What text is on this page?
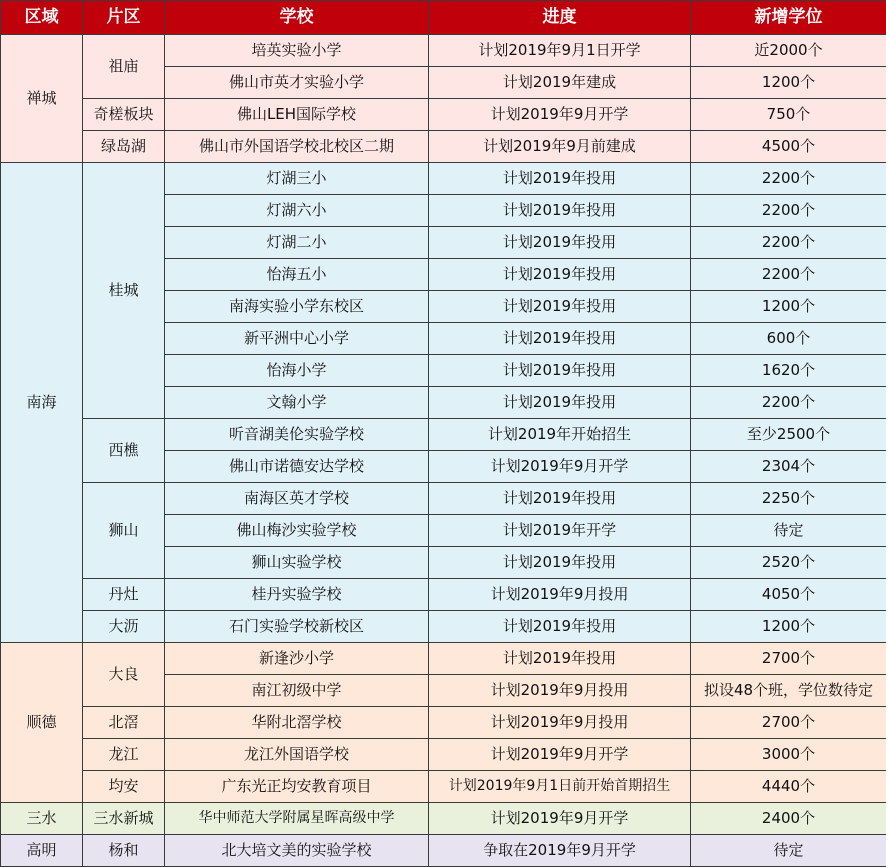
区域	片区	学校	进度	新增学位
禅城	祖庙	培英实验小学	计划2019年9月1日开学	近2000个
		佛山市英才实验小学	计划2019年建成	1200个
	奇槎板块	佛山LEH国际学校	计划2019年9月开学	750个
	绿岛湖	佛山市外国语学校北校区二期	计划2019年9月前建成	4500个
南海	桂城	灯湖三小	计划2019年投用	2200个
		灯湖六小	计划2019年投用	2200个
		灯湖二小	计划2019年投用	2200个
		怡海五小	计划2019年投用	2200个
		南海实验小学东校区	计划2019年投用	1200个
		新平洲中心小学	计划2019年投用	600个
		怡海小学	计划2019年投用	1620个
		文翰小学	计划2019年投用	2200个
	西樵	听音湖美伦实验学校	计划2019年开始招生	至少2500个
		佛山市诺德安达学校	计划2019年9月开学	2304个
	狮山	南海区英才学校	计划2019年投用	2250个
		佛山梅沙实验学校	计划2019年开学	待定
		狮山实验学校	计划2019年投用	2520个
	丹灶	桂丹实验学校	计划2019年9月投用	4050个
	大沥	石门实验学校新校区	计划2019年投用	1200个
顺德	大良	新逢沙小学	计划2019年投用	2700个
		南江初级中学	计划2019年9月投用	拟设48个班，学位数待定
	北滘	华附北滘学校	计划2019年9月投用	2700个
	龙江	龙江外国语学校	计划2019年9月开学	3000个
	均安	广东光正均安教育项目	计划2019年9月1日前开始首期招生	4440个
三水	三水新城	华中师范大学附属星晖高级中学	计划2019年9月开学	2400个
高明	杨和	北大培文美的实验学校	争取在2019年9月开学	待定
